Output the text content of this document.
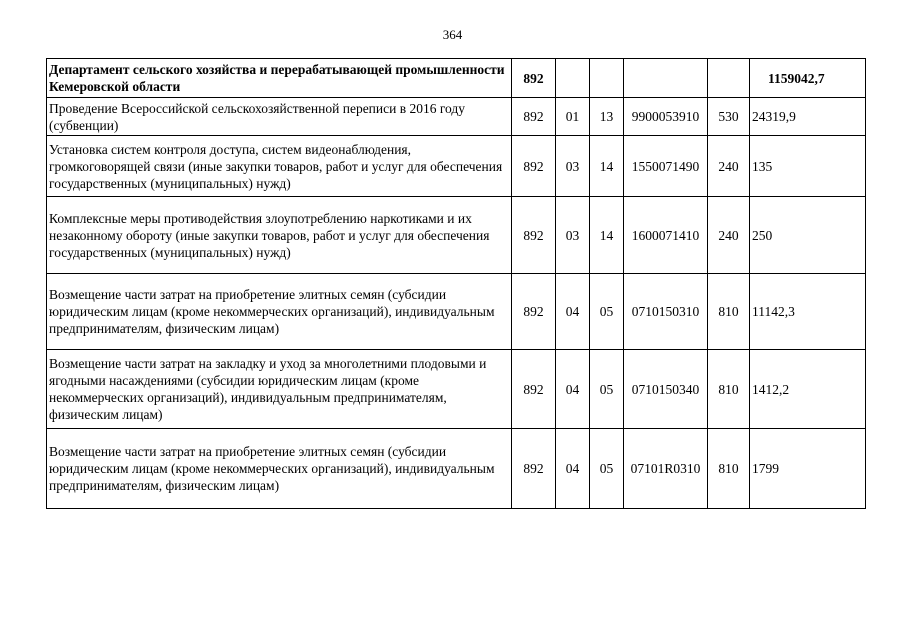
364
Департамент сельского хозяйства и перерабатывающей промышленности Кемеровской области	892					1159042,7
Проведение Всероссийской сельскохозяйственной переписи в 2016 году (субвенции)	892	01	13	9900053910	530	24319,9
Установка систем контроля доступа, систем видеонаблюдения, громкоговорящей связи (иные закупки товаров, работ и услуг для обеспечения государственных (муниципальных) нужд)	892	03	14	1550071490	240	135
Комплексные меры противодействия злоупотреблению наркотиками и их незаконному обороту (иные закупки товаров, работ и услуг для обеспечения государственных (муниципальных) нужд)	892	03	14	1600071410	240	250
Возмещение части затрат на приобретение элитных семян (субсидии юридическим лицам (кроме некоммерческих организаций), индивидуальным предпринимателям, физическим лицам)	892	04	05	0710150310	810	11142,3
Возмещение части затрат на закладку и уход за многолетними плодовыми и ягодными насаждениями (субсидии юридическим лицам (кроме некоммерческих организаций), индивидуальным предпринимателям, физическим лицам)	892	04	05	0710150340	810	1412,2
Возмещение части затрат на приобретение элитных семян (субсидии юридическим лицам (кроме некоммерческих организаций), индивидуальным предпринимателям, физическим лицам)	892	04	05	07101R0310	810	1799
